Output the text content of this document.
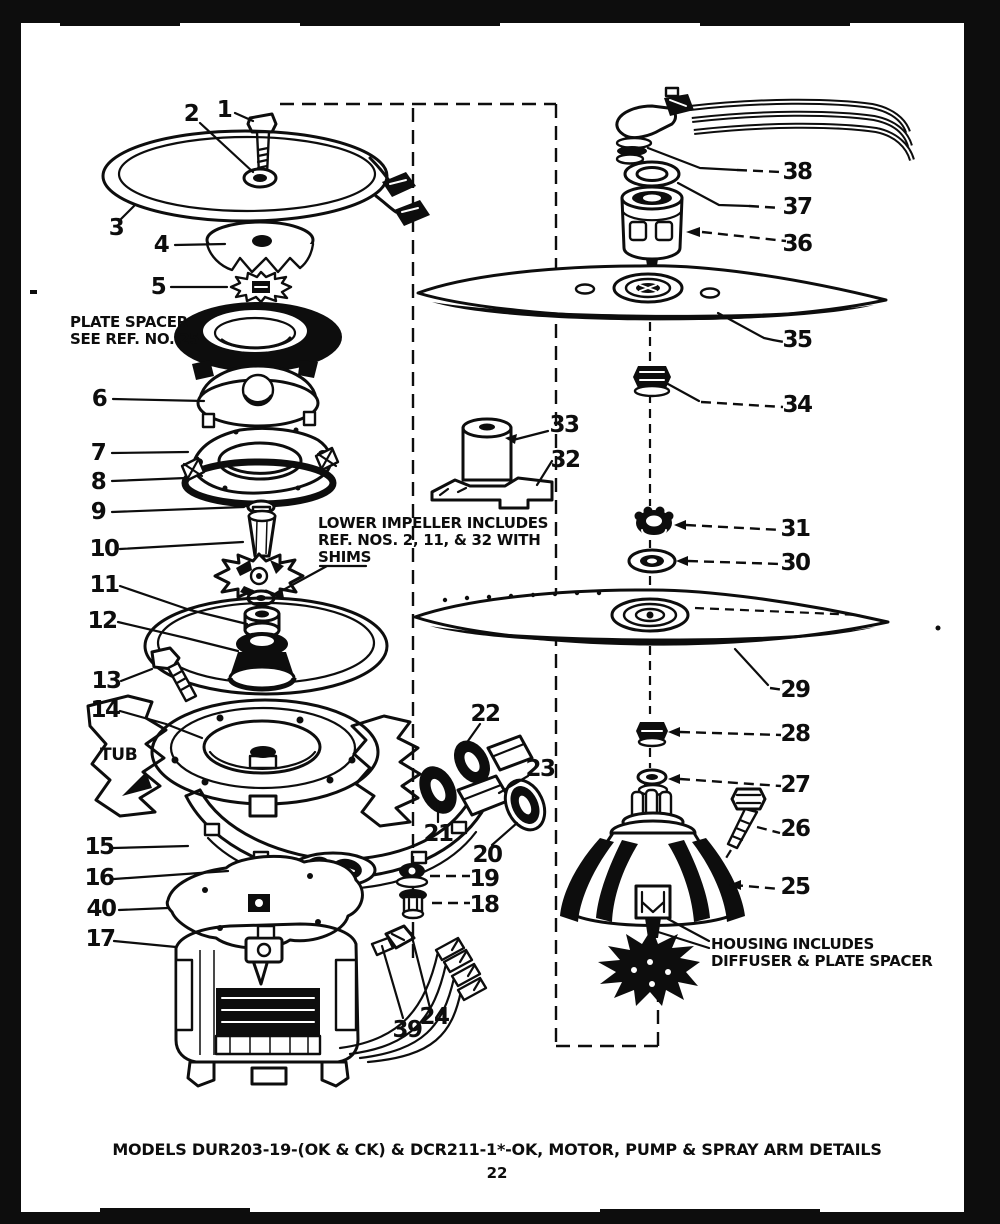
1
2
3
4
5
6
7
8
9
10
11
12
13
14
15
16
40
17
39
24
22
23
21
20
19
18
38
37
36
35
34
33
32
31
30
29
28
27
26
25
PLATE SPACER SEE REF. NO. 25
LOWER IMPELLER INCLUDES REF. NOS. 2, 11, & 32 WITH SHIMS
TUB
HOUSING INCLUDES DIFFUSER & PLATE SPACER
MODELS DUR203-19-(OK & CK) & DCR211-1*-OK, MOTOR, PUMP & SPRAY ARM DETAILS
22
